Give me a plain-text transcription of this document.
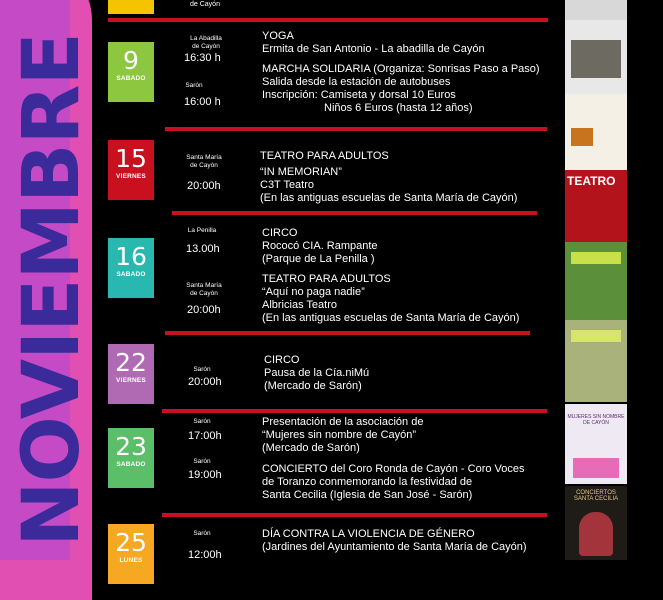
NOVIEMBRE
de Cayón
9
SABADO
La Abadilla
de Cayón
16:30 h
YOGA
Ermita de San Antonio - La abadilla de Cayón
Sarón
16:00 h
MARCHA SOLIDARIA (Organiza: Sonrisas Paso a Paso)
Salida desde la estación de autobuses
Inscripción: Camiseta y dorsal 10 Euros
Niños 6 Euros (hasta 12 años)
15
VIERNES
Santa María
de Cayón
20:00h
TEATRO PARA ADULTOS
“IN MEMORIAN”
C3T Teatro
(En las antiguas escuelas de Santa María de Cayón)
16
SABADO
La Penilla
13.00h
CIRCO
Rococó CIA. Rampante
(Parque de La Penilla )
Santa María
de Cayón
20:00h
TEATRO PARA ADULTOS
“Aquí no paga nadie”
Albricias Teatro
(En las antiguas escuelas de Santa María de Cayón)
22
VIERNES
Sarón
20:00h
CIRCO
Pausa de la Cía.niMú
(Mercado de Sarón)
23
SABADO
Sarón
17:00h
Presentación de la asociación de
“Mujeres sin nombre de Cayón”
(Mercado de Sarón)
Sarón
19:00h	CONCIERTO del Coro Ronda de Cayón - Coro Voces
de Toranzo conmemorando la festividad de
Santa Cecilia (Iglesia de San José - Sarón)
25
LUNES
Sarón
12:00h
DÍA CONTRA LA VIOLENCIA DE GÉNERO
(Jardines del Ayuntamiento de Santa María de Cayón)
TEATRO
MUJERES SIN NOMBRE DE CAYÓN
CONCIERTOS SANTA CECILIA
